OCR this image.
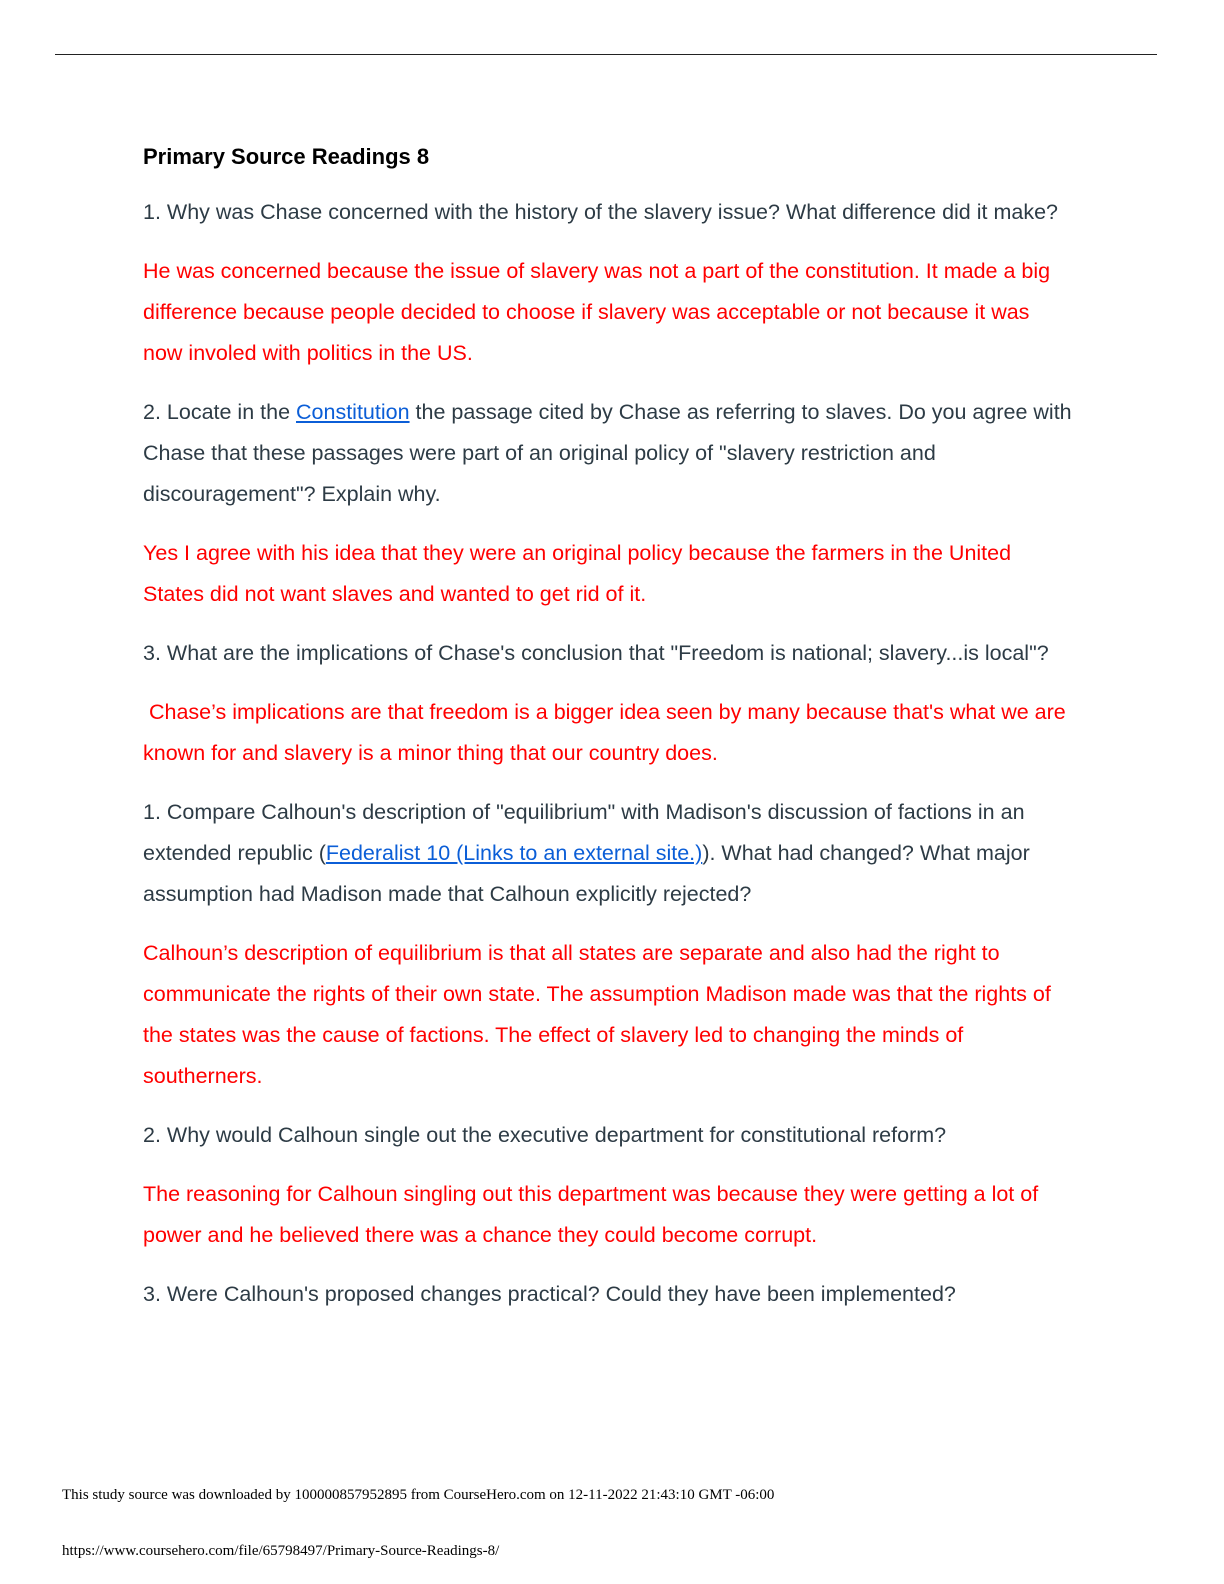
Primary Source Readings 8

1. Why was Chase concerned with the history of the slavery issue? What difference did it make?

He was concerned because the issue of slavery was not a part of the constitution. It made a big difference because people decided to choose if slavery was acceptable or not because it was now involed with politics in the US.

2. Locate in the Constitution the passage cited by Chase as referring to slaves. Do you agree with Chase that these passages were part of an original policy of "slavery restriction and discouragement"? Explain why.

Yes I agree with his idea that they were an original policy because the farmers in the United States did not want slaves and wanted to get rid of it.

3. What are the implications of Chase's conclusion that "Freedom is national; slavery...is local"?

Chase’s implications are that freedom is a bigger idea seen by many because that's what we are known for and slavery is a minor thing that our country does.

1. Compare Calhoun's description of "equilibrium" with Madison's discussion of factions in an extended republic (Federalist 10 (Links to an external site.)). What had changed? What major assumption had Madison made that Calhoun explicitly rejected?

Calhoun’s description of equilibrium is that all states are separate and also had the right to communicate the rights of their own state. The assumption Madison made was that the rights of the states was the cause of factions. The effect of slavery led to changing the minds of southerners.

2. Why would Calhoun single out the executive department for constitutional reform?

The reasoning for Calhoun singling out this department was because they were getting a lot of power and he believed there was a chance they could become corrupt.

3. Were Calhoun's proposed changes practical? Could they have been implemented?

This study source was downloaded by 100000857952895 from CourseHero.com on 12-11-2022 21:43:10 GMT -06:00
https://www.coursehero.com/file/65798497/Primary-Source-Readings-8/
